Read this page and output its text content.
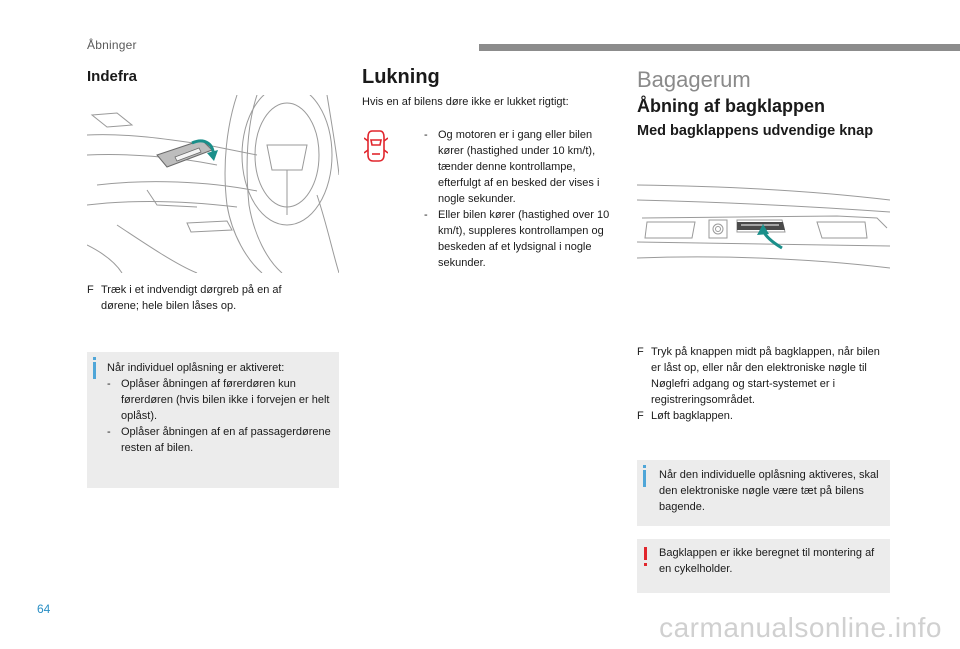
Åbninger
Indefra
F Træk i et indvendigt dørgreb på en af dørene; hele bilen låses op.
Når individuel oplåsning er aktiveret:
- Oplåser åbningen af førerdøren kun førerdøren (hvis bilen ikke i forvejen er helt oplåst).
- Oplåser åbningen af en af passagerdørene resten af bilen.
Lukning
Hvis en af bilens døre ikke er lukket rigtigt:
- Og motoren er i gang eller bilen kører (hastighed under 10 km/t), tænder denne kontrollampe, efterfulgt af en besked der vises i nogle sekunder.
- Eller bilen kører (hastighed over 10 km/t), suppleres kontrollampen og beskeden af et lydsignal i nogle sekunder.
Bagagerum
Åbning af bagklappen
Med bagklappens udvendige knap
F Tryk på knappen midt på bagklappen, når bilen er låst op, eller når den elektroniske nøgle til Nøglefri adgang og start-systemet er i registreringsområdet.
F Løft bagklappen.
Når den individuelle oplåsning aktiveres, skal den elektroniske nøgle være tæt på bilens bagende.
Bagklappen er ikke beregnet til montering af en cykelholder.
64
carmanualsonline.info
